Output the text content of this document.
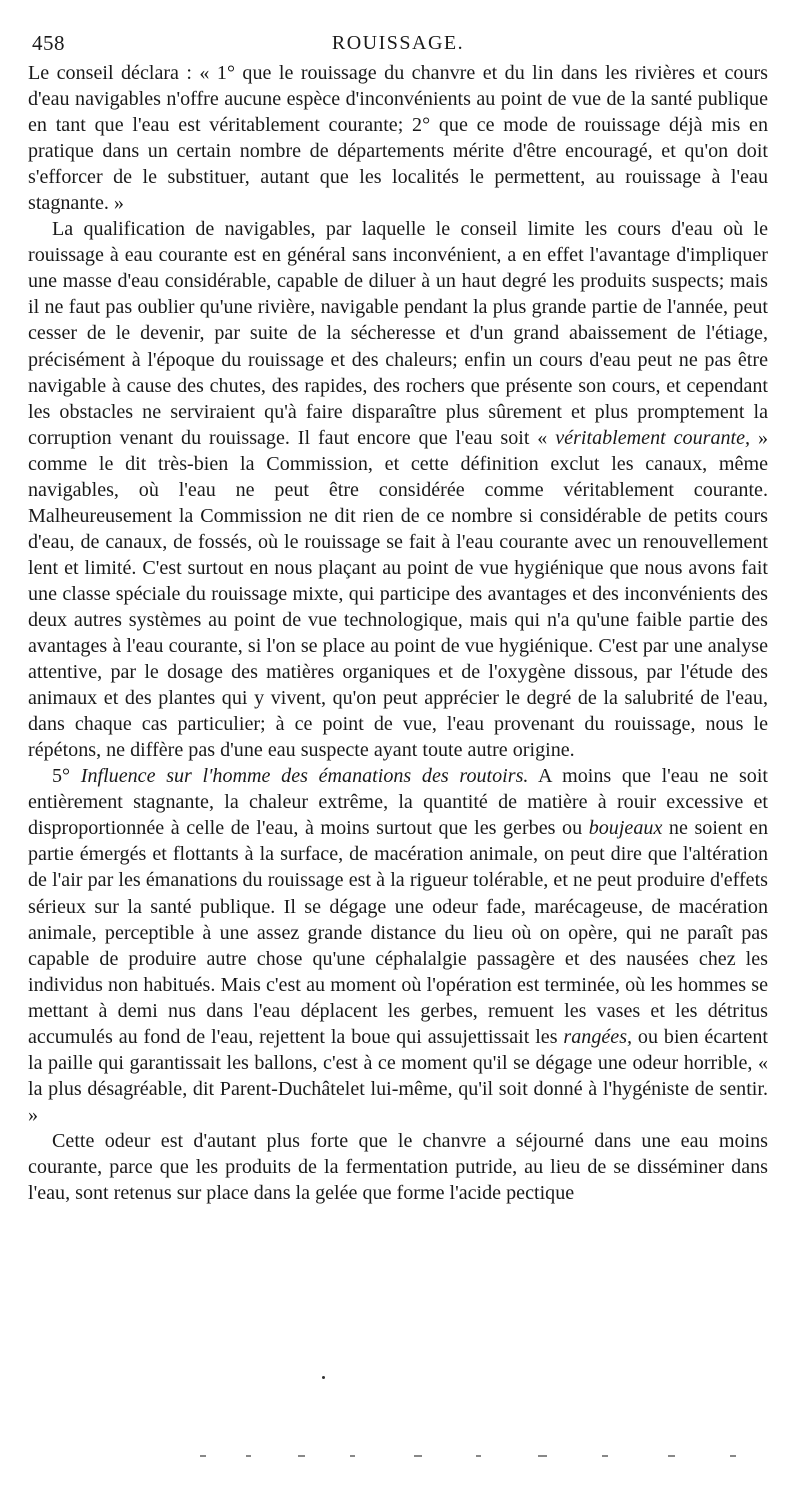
458	ROUISSAGE.

Le conseil déclara : « 1° que le rouissage du chanvre et du lin dans les rivières et cours d'eau navigables n'offre aucune espèce d'inconvénients au point de vue de la santé publique en tant que l'eau est véritablement courante; 2° que ce mode de rouissage déjà mis en pratique dans un certain nombre de départements mérite d'être encouragé, et qu'on doit s'efforcer de le substituer, autant que les localités le permettent, au rouissage à l'eau stagnante. »

La qualification de navigables, par laquelle le conseil limite les cours d'eau où le rouissage à eau courante est en général sans inconvénient, a en effet l'avantage d'impliquer une masse d'eau considérable, capable de diluer à un haut degré les produits suspects; mais il ne faut pas oublier qu'une rivière, navigable pendant la plus grande partie de l'année, peut cesser de le devenir, par suite de la sécheresse et d'un grand abaissement de l'étiage, précisément à l'époque du rouissage et des chaleurs; enfin un cours d'eau peut ne pas être navigable à cause des chutes, des rapides, des rochers que présente son cours, et cependant les obstacles ne serviraient qu'à faire disparaître plus sûrement et plus promptement la corruption venant du rouissage. Il faut encore que l'eau soit « véritablement courante, » comme le dit très-bien la Commission, et cette définition exclut les canaux, même navigables, où l'eau ne peut être considérée comme véritablement courante. Malheureusement la Commission ne dit rien de ce nombre si considérable de petits cours d'eau, de canaux, de fossés, où le rouissage se fait à l'eau courante avec un renouvellement lent et limité. C'est surtout en nous plaçant au point de vue hygiénique que nous avons fait une classe spéciale du rouissage mixte, qui participe des avantages et des inconvénients des deux autres systèmes au point de vue technologique, mais qui n'a qu'une faible partie des avantages à l'eau courante, si l'on se place au point de vue hygiénique. C'est par une analyse attentive, par le dosage des matières organiques et de l'oxygène dissous, par l'étude des animaux et des plantes qui y vivent, qu'on peut apprécier le degré de la salubrité de l'eau, dans chaque cas particulier; à ce point de vue, l'eau provenant du rouissage, nous le répétons, ne diffère pas d'une eau suspecte ayant toute autre origine.

5° Influence sur l'homme des émanations des routoirs. A moins que l'eau ne soit entièrement stagnante, la chaleur extrême, la quantité de matière à rouir excessive et disproportionnée à celle de l'eau, à moins surtout que les gerbes ou boujeaux ne soient en partie émergés et flottants à la surface, de macération animale, on peut dire que l'altération de l'air par les émanations du rouissage est à la rigueur tolérable, et ne peut produire d'effets sérieux sur la santé publique. Il se dégage une odeur fade, marécageuse, de macération animale, perceptible à une assez grande distance du lieu où on opère, qui ne paraît pas capable de produire autre chose qu'une céphalalgie passagère et des nausées chez les individus non habitués. Mais c'est au moment où l'opération est terminée, où les hommes se mettant à demi nus dans l'eau déplacent les gerbes, remuent les vases et les détritus accumulés au fond de l'eau, rejettent la boue qui assujettissait les rangées, ou bien écartent la paille qui garantissait les ballons, c'est à ce moment qu'il se dégage une odeur horrible, « la plus désagréable, dit Parent-Duchâtelet lui-même, qu'il soit donné à l'hygéniste de sentir. »

Cette odeur est d'autant plus forte que le chanvre a séjourné dans une eau moins courante, parce que les produits de la fermentation putride, au lieu de se disséminer dans l'eau, sont retenus sur place dans la gelée que forme l'acide pectique
